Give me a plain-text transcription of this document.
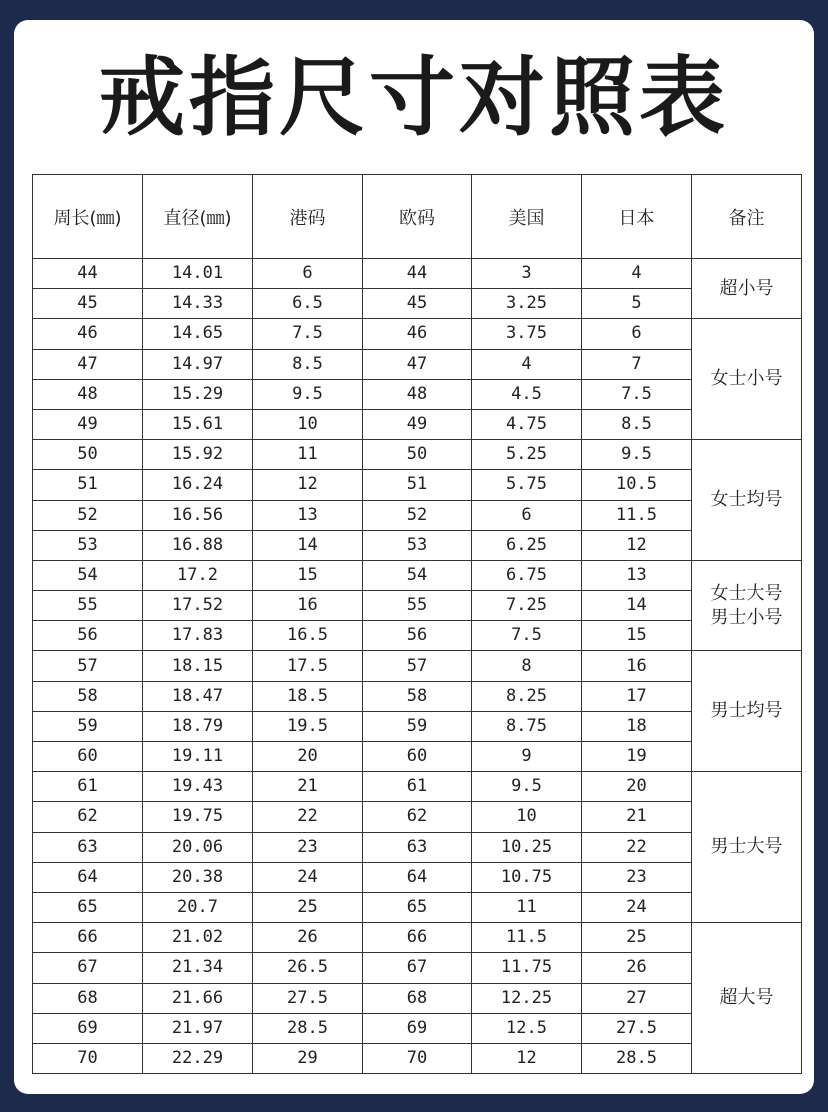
戒指尺寸对照表
周长(㎜)	直径(㎜)	港码	欧码	美国	日本	备注
44	14.01	6	44	3	4	超小号

45	14.33	6.5	45	3.25	5	
46	14.65	7.5	46	3.75	6	女士小号

47	14.97	8.5	47	4	7	
48	15.29	9.5	48	4.5	7.5	
49	15.61	10	49	4.75	8.5	
50	15.92	11	50	5.25	9.5	女士均号

51	16.24	12	51	5.75	10.5	
52	16.56	13	52	6	11.5	
53	16.88	14	53	6.25	12	
54	17.2	15	54	6.75	13	女士大号
男士小号

55	17.52	16	55	7.25	14	
56	17.83	16.5	56	7.5	15	
57	18.15	17.5	57	8	16	男士均号

58	18.47	18.5	58	8.25	17	
59	18.79	19.5	59	8.75	18	
60	19.11	20	60	9	19	
61	19.43	21	61	9.5	20	男士大号

62	19.75	22	62	10	21	
63	20.06	23	63	10.25	22	
64	20.38	24	64	10.75	23	
65	20.7	25	65	11	24	
66	21.02	26	66	11.5	25	超大号

67	21.34	26.5	67	11.75	26	
68	21.66	27.5	68	12.25	27	
69	21.97	28.5	69	12.5	27.5	
70	22.29	29	70	12	28.5	
